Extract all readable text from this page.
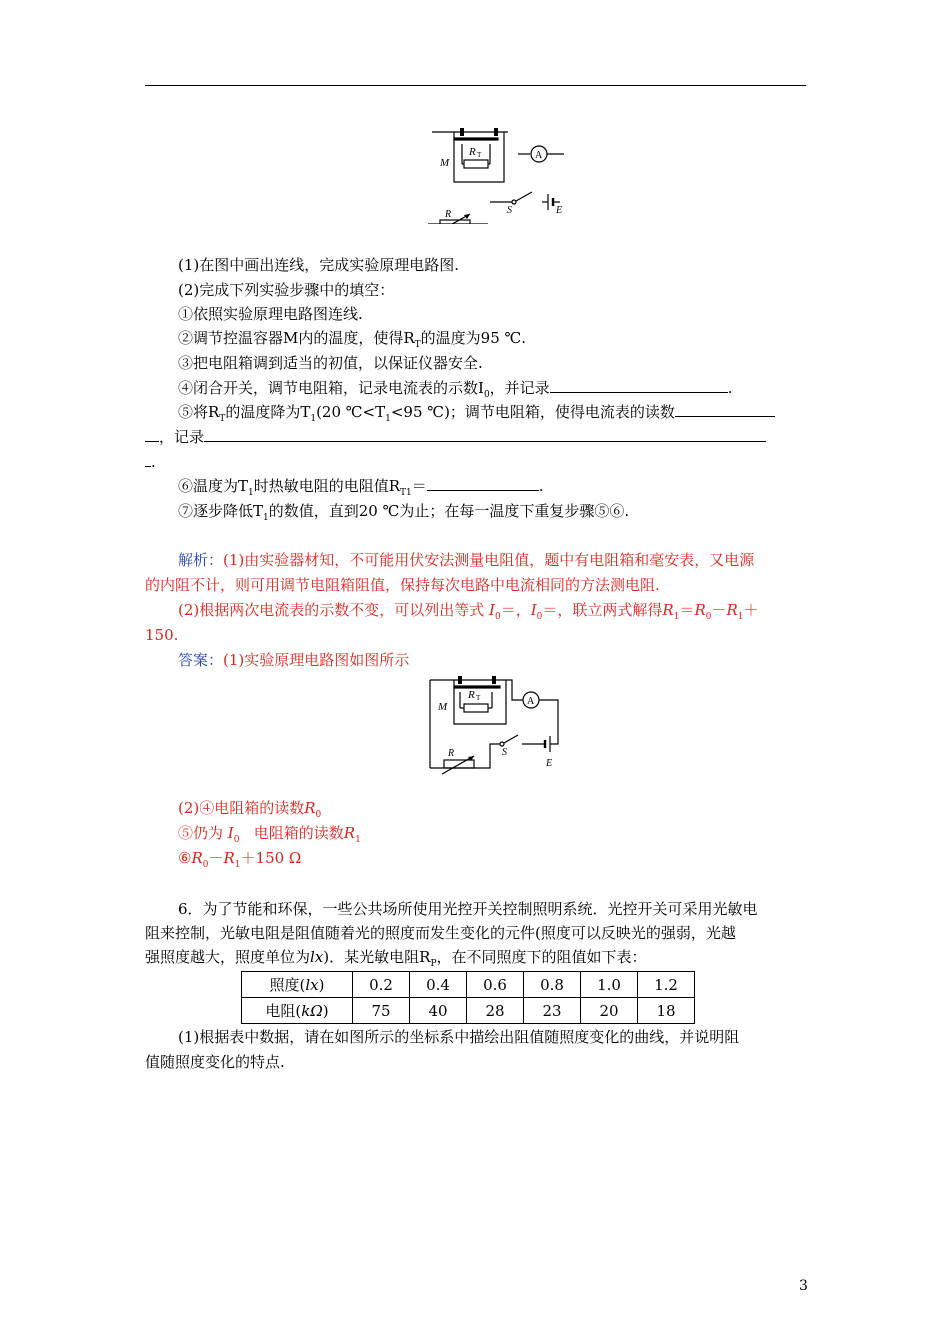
M
R T	A
S	E
R
(1)在图中画出连线，完成实验原理电路图.
(2)完成下列实验步骤中的填空：
①依照实验原理电路图连线.
②调节控温容器M内的温度，使得$R_T$的温度为95 ℃.
③把电阻箱调到适当的初值，以保证仪器安全.
④闭合开关，调节电阻箱，记录电流表的示数$I_0$，并记录	.
⑤将$R_T$的温度降为$T_1(20$ $℃<T_1<95$ ℃)；调节电阻箱，使得电流表的读数
，记录
.
⑥温度为$T_1$时热敏电阻的电阻值$R_{T1}=$	.
⑦逐步降低$T_1$的数值，直到20 ℃为止；在每一温度下重复步骤⑤⑥.
解析：(1)由实验器材知，不可能用伏安法测量电阻值，题中有电阻箱和毫安表，又电源
的内阻不计，则可用调节电阻箱阻值，保持每次电路中电流相同的方法测电阻.
(2)根据两次电流表的示数不变，可以列出等式 $I_0=$，$I_0=$，联立两式解得$R_1=R_0-R_1+$
150.
答案：(1)实验原理电路图如图所示
M
R T	A
S
E
R
(2)④电阻箱的读数$R_0$
⑤仍为 $I_0$ 电阻箱的读数$R_1$
$⑥R_0-R_1+150$ Ω
6．为了节能和环保，一些公共场所使用光控开关控制照明系统．光控开关可采用光敏电
阻来控制，光敏电阻是阻值随着光的照度而发生变化的元件(照度可以反映光的强弱，光越
强照度越大，照度单位为lx)．某光敏电阻$R_P$，在不同照度下的阻值如下表：
照度(lx)	0.2	0.4	0.6	0.8	1.0	1.2
电阻(kΩ)	75	40	28	23	20	18
(1)根据表中数据，请在如图所示的坐标系中描绘出阻值随照度变化的曲线，并说明阻
值随照度变化的特点.
3
